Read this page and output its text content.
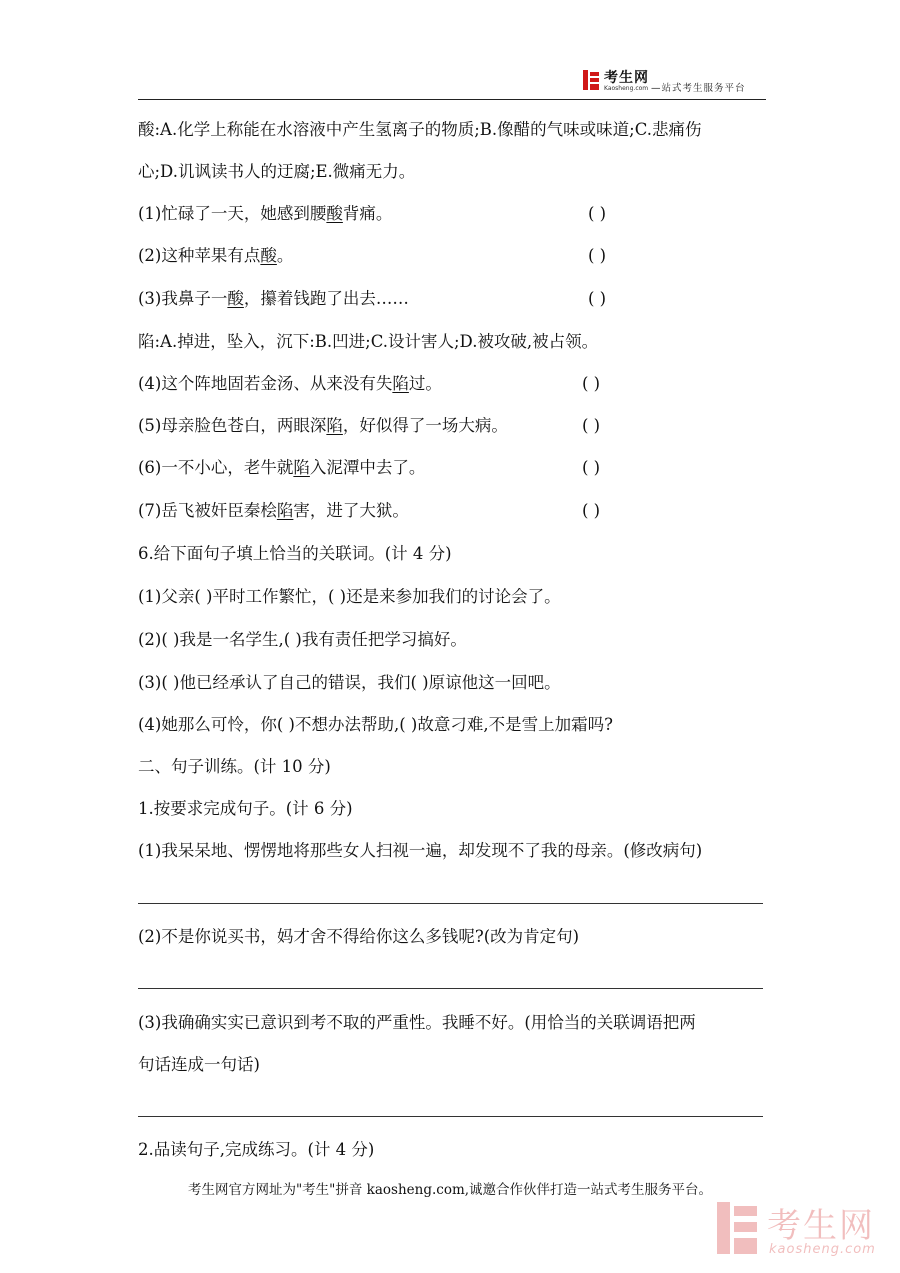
考生网
Kaosheng.com —站式考生服务平台
酸:A.化学上称能在水溶液中产生氢离子的物质;B.像醋的气味或味道;C.悲痛伤
心;D.讥讽读书人的迂腐;E.微痛无力。
(1)忙碌了一天，她感到腰酸背痛。	( )
(2)这种苹果有点酸。	( )
(3)我鼻子一酸，攥着钱跑了出去……	( )
陷:A.掉进，坠入，沉下:B.凹进;C.设计害人;D.被攻破,被占领。
(4)这个阵地固若金汤、从来没有失陷过。	( )
(5)母亲脸色苍白，两眼深陷，好似得了一场大病。	( )
(6)一不小心，老牛就陷入泥潭中去了。	( )
(7)岳飞被奸臣秦桧陷害，进了大狱。	( )
6.给下面句子填上恰当的关联词。(计 4 分)
(1)父亲( )平时工作繁忙，( )还是来参加我们的讨论会了。
(2)( )我是一名学生,( )我有责任把学习搞好。
(3)( )他已经承认了自己的错误，我们( )原谅他这一回吧。
(4)她那么可怜，你( )不想办法帮助,( )故意刁难,不是雪上加霜吗?
二、句子训练。(计 10 分)
1.按要求完成句子。(计 6 分)
(1)我呆呆地、愣愣地将那些女人扫视一遍，却发现不了我的母亲。(修改病句)
(2)不是你说买书，妈才舍不得给你这么多钱呢?(改为肯定句)
(3)我确确实实已意识到考不取的严重性。我睡不好。(用恰当的关联调语把两
句话连成一句话)
2.品读句子,完成练习。(计 4 分)
考生网官方网址为"考生"拼音 kaosheng.com,诚邀合作伙伴打造一站式考生服务平台。
考生网
kaosheng.com
